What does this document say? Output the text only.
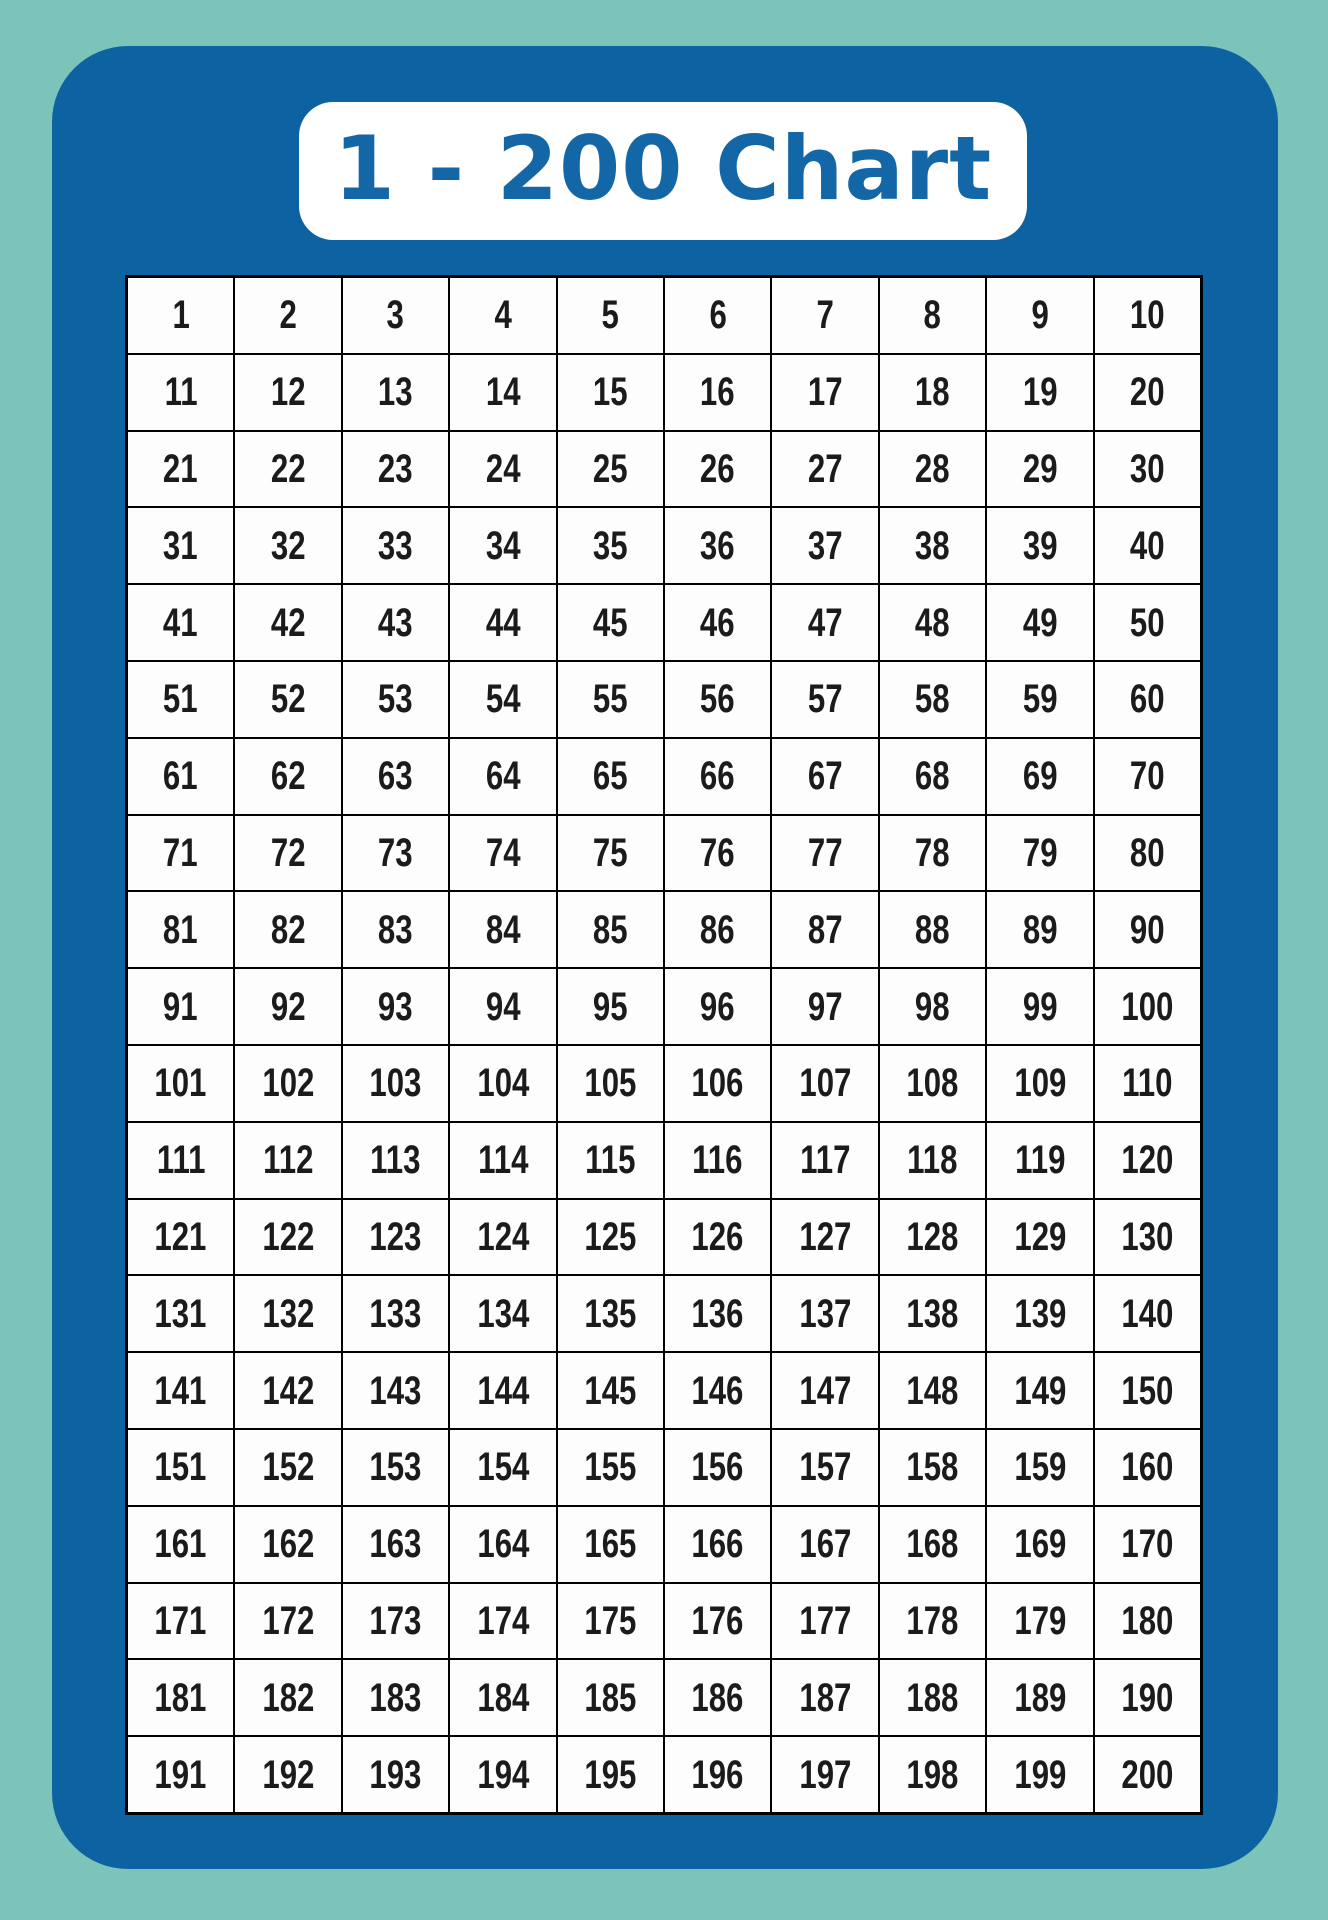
1 - 200 Chart
1 2 3 4 5 6 7 8 9 10
11 12 13 14 15 16 17 18 19 20
21 22 23 24 25 26 27 28 29 30
31 32 33 34 35 36 37 38 39 40
41 42 43 44 45 46 47 48 49 50
51 52 53 54 55 56 57 58 59 60
61 62 63 64 65 66 67 68 69 70
71 72 73 74 75 76 77 78 79 80
81 82 83 84 85 86 87 88 89 90
91 92 93 94 95 96 97 98 99 100
101 102 103 104 105 106 107 108 109 110
111 112 113 114 115 116 117 118 119 120
121 122 123 124 125 126 127 128 129 130
131 132 133 134 135 136 137 138 139 140
141 142 143 144 145 146 147 148 149 150
151 152 153 154 155 156 157 158 159 160
161 162 163 164 165 166 167 168 169 170
171 172 173 174 175 176 177 178 179 180
181 182 183 184 185 186 187 188 189 190
191 192 193 194 195 196 197 198 199 200
